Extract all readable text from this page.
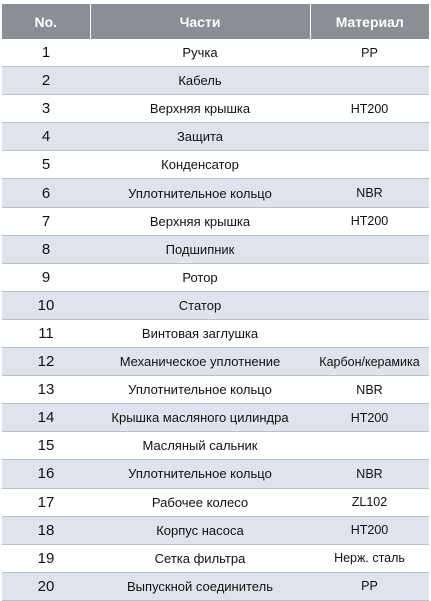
No.	Части	Материал
1	Ручка	PP
2	Кабель	
3	Верхняя крышка	HT200
4	Защита	
5	Конденсатор	
6	Уплотнительное кольцо	NBR
7	Верхняя крышка	HT200
8	Подшипник	
9	Ротор	
10	Статор	
11	Винтовая заглушка	
12	Механическое уплотнение	Карбон/керамика
13	Уплотнительное кольцо	NBR
14	Крышка масляного цилиндра	HT200
15	Масляный сальник	
16	Уплотнительное кольцо	NBR
17	Рабочее колесо	ZL102
18	Корпус насоса	HT200
19	Сетка фильтра	Нерж. сталь
20	Выпускной соединитель	PP
